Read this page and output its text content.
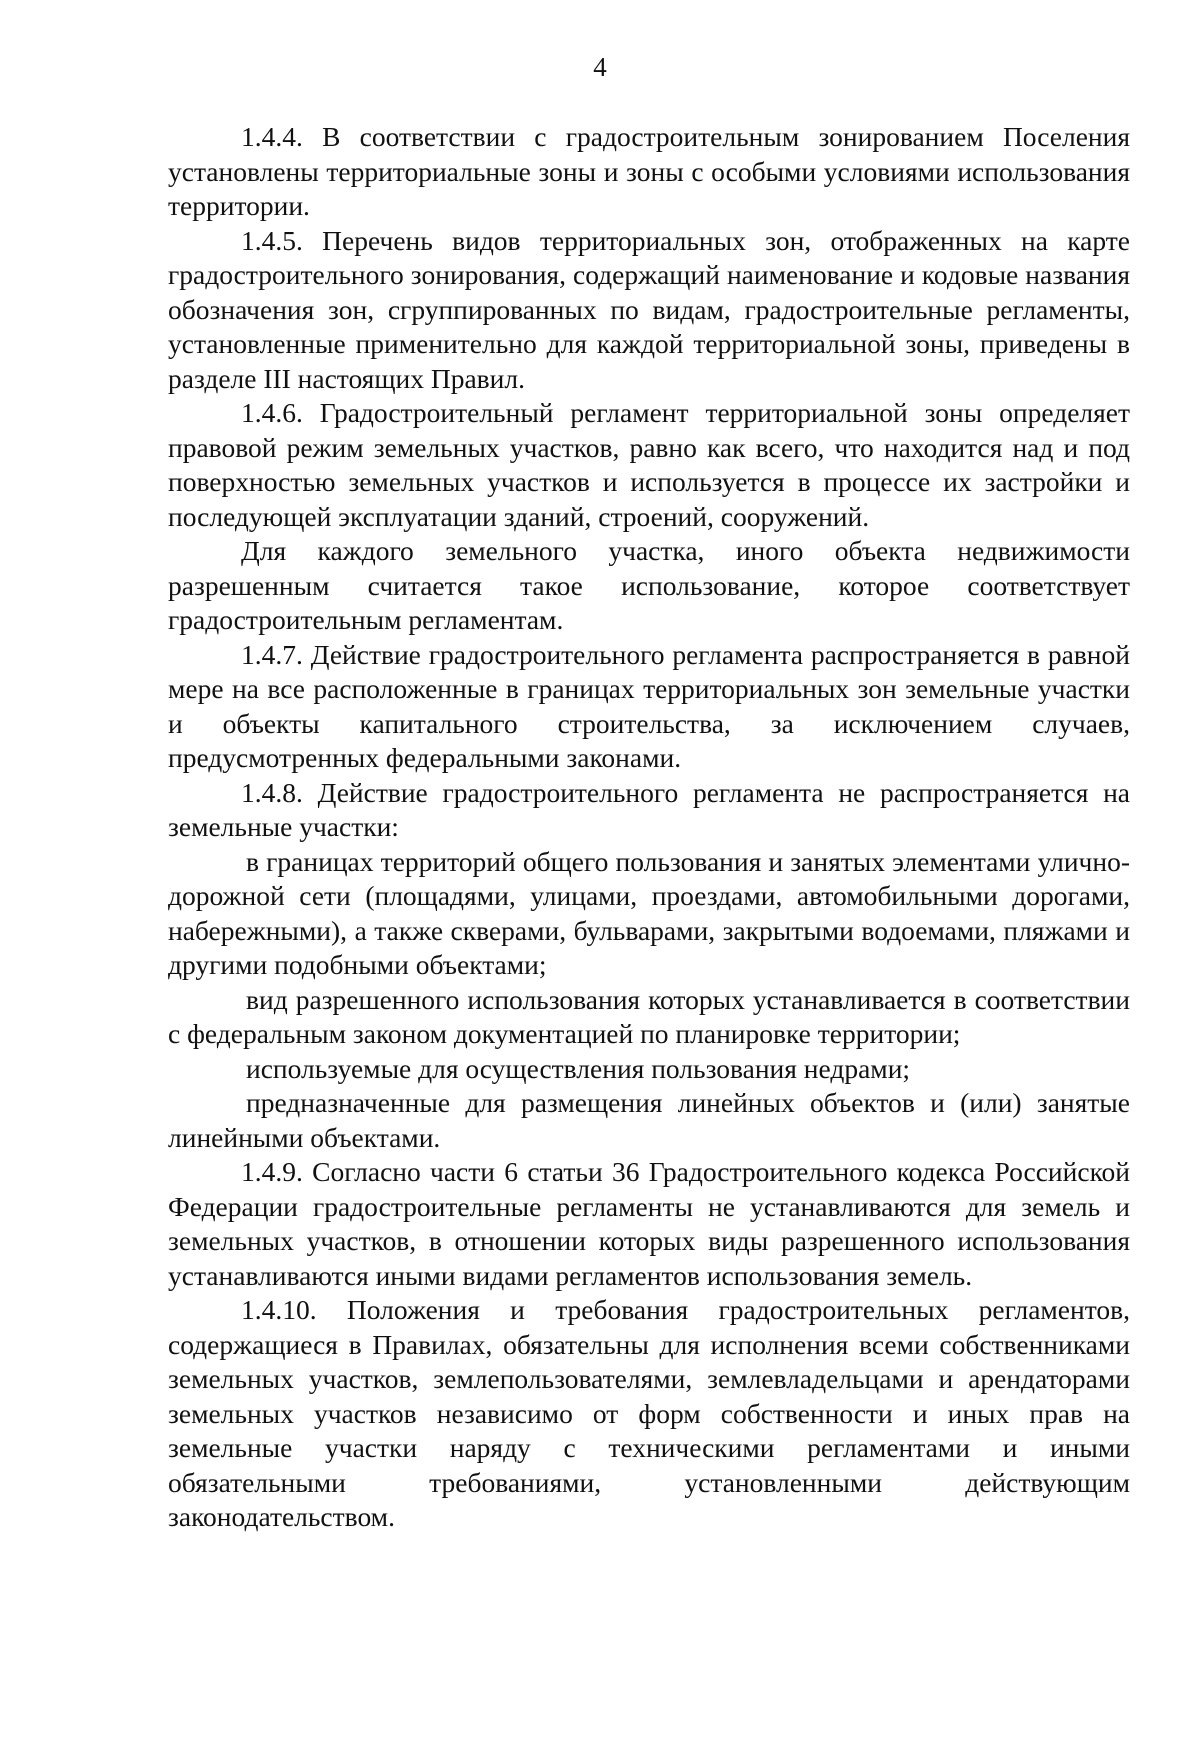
4

1.4.4. В соответствии с градостроительным зонированием Поселения установлены территориальные зоны и зоны с особыми условиями использования территории.

1.4.5. Перечень видов территориальных зон, отображенных на карте градостроительного зонирования, содержащий наименование и кодовые названия обозначения зон, сгруппированных по видам, градостроительные регламенты, установленные применительно для каждой территориальной зоны, приведены в разделе III настоящих Правил.

1.4.6. Градостроительный регламент территориальной зоны определяет правовой режим земельных участков, равно как всего, что находится над и под поверхностью земельных участков и используется в процессе их застройки и последующей эксплуатации зданий, строений, сооружений.

Для каждого земельного участка, иного объекта недвижимости разрешенным считается такое использование, которое соответствует градостроительным регламентам.

1.4.7. Действие градостроительного регламента распространяется в равной мере на все расположенные в границах территориальных зон земельные участки и объекты капитального строительства, за исключением случаев, предусмотренных федеральными законами.

1.4.8. Действие градостроительного регламента не распространяется на земельные участки:

в границах территорий общего пользования и занятых элементами улично-дорожной сети (площадями, улицами, проездами, автомобильными дорогами, набережными), а также скверами, бульварами, закрытыми водоемами, пляжами и другими подобными объектами;

вид разрешенного использования которых устанавливается в соответствии с федеральным законом документацией по планировке территории;

используемые для осуществления пользования недрами;

предназначенные для размещения линейных объектов и (или) занятые линейными объектами.

1.4.9. Согласно части 6 статьи 36 Градостроительного кодекса Российской Федерации градостроительные регламенты не устанавливаются для земель и земельных участков, в отношении которых виды разрешенного использования устанавливаются иными видами регламентов использования земель.

1.4.10. Положения и требования градостроительных регламентов, содержащиеся в Правилах, обязательны для исполнения всеми собственниками земельных участков, землепользователями, землевладельцами и арендаторами земельных участков независимо от форм собственности и иных прав на земельные участки наряду с техническими регламентами и иными обязательными требованиями, установленными действующим законодательством.
